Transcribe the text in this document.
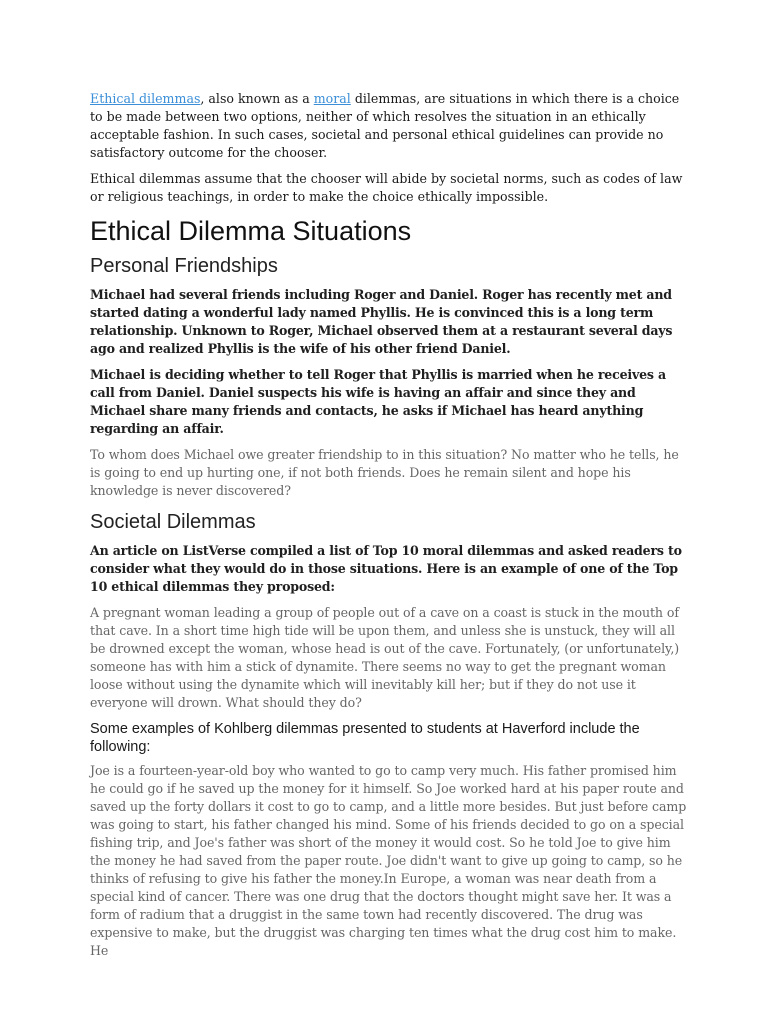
Ethical dilemmas, also known as a moral dilemmas, are situations in which there is a choice to be made between two options, neither of which resolves the situation in an ethically acceptable fashion. In such cases, societal and personal ethical guidelines can provide no satisfactory outcome for the chooser.

Ethical dilemmas assume that the chooser will abide by societal norms, such as codes of law or religious teachings, in order to make the choice ethically impossible.

Ethical Dilemma Situations
Personal Friendships

Michael had several friends including Roger and Daniel. Roger has recently met and started dating a wonderful lady named Phyllis. He is convinced this is a long term relationship. Unknown to Roger, Michael observed them at a restaurant several days ago and realized Phyllis is the wife of his other friend Daniel.

Michael is deciding whether to tell Roger that Phyllis is married when he receives a call from Daniel. Daniel suspects his wife is having an affair and since they and Michael share many friends and contacts, he asks if Michael has heard anything regarding an affair.

To whom does Michael owe greater friendship to in this situation? No matter who he tells, he is going to end up hurting one, if not both friends. Does he remain silent and hope his knowledge is never discovered?

Societal Dilemmas

An article on ListVerse compiled a list of Top 10 moral dilemmas and asked readers to consider what they would do in those situations. Here is an example of one of the Top 10 ethical dilemmas they proposed:

A pregnant woman leading a group of people out of a cave on a coast is stuck in the mouth of that cave. In a short time high tide will be upon them, and unless she is unstuck, they will all be drowned except the woman, whose head is out of the cave. Fortunately, (or unfortunately,) someone has with him a stick of dynamite. There seems no way to get the pregnant woman loose without using the dynamite which will inevitably kill her; but if they do not use it everyone will drown. What should they do?

Some examples of Kohlberg dilemmas presented to students at Haverford include the following:

Joe is a fourteen-year-old boy who wanted to go to camp very much. His father promised him he could go if he saved up the money for it himself. So Joe worked hard at his paper route and saved up the forty dollars it cost to go to camp, and a little more besides. But just before camp was going to start, his father changed his mind. Some of his friends decided to go on a special fishing trip, and Joe's father was short of the money it would cost. So he told Joe to give him the money he had saved from the paper route. Joe didn't want to give up going to camp, so he thinks of refusing to give his father the money.In Europe, a woman was near death from a special kind of cancer. There was one drug that the doctors thought might save her. It was a form of radium that a druggist in the same town had recently discovered. The drug was expensive to make, but the druggist was charging ten times what the drug cost him to make. He
